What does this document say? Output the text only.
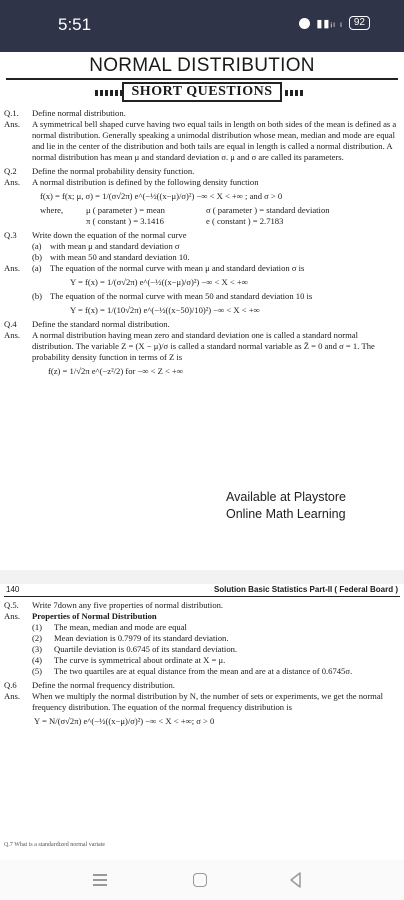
5:51	▮▮ᵢₗ ₗ	92
NORMAL DISTRIBUTION
SHORT QUESTIONS
Q.1.	Define normal distribution.
Ans.	A symmetrical bell shaped curve having two equal tails in length on both sides of the mean is defined as a normal distribution. Generally speaking a unimodal distribution whose mean, median and mode are equal and lie in the center of the distribution and both tails are equal in length is called a normal distribution. A normal distribution has mean μ and standard deviation σ. μ and σ are called its parameters.
Q.2	Define the normal probability density function.
Ans.	A normal distribution is defined by the following density function
f(x) = f(x; μ, σ) = 1/(σ√2π) e^(−½((x−μ)/σ)²) −∞ < X < +∞ ; and σ > 0
where,	μ ( parameter ) = mean	σ ( parameter ) = standard deviation
π ( constant ) = 3.1416	e ( constant ) = 2.7183
Q.3	Write down the equation of the normal curve
(a) with mean μ and standard deviation σ
(b) with mean 50 and standard deviation 10.
Ans.	(a) The equation of the normal curve with mean μ and standard deviation σ is
Y = f(x) = 1/(σ√2π) e^(−½((x−μ)/σ)²) −∞ < X < +∞
(b) The equation of the normal curve with mean 50 and standard deviation 10 is
Y = f(x) = 1/(10√2π) e^(−½((x−50)/10)²) −∞ < X < +∞
Q.4	Define the standard normal distribution.
Ans.	A normal distribution having mean zero and standard deviation one is called a standard normal distribution. The variable Z = (X − μ)/σ is called a standard normal variable as Z̄ = 0 and σ = 1. The probability density function in terms of Z is
f(z) = 1/√2π e^(−z²/2) for −∞ < Z < +∞
Available at Playstore
Online Math Learning
140	Solution Basic Statistics Part-II ( Federal Board )
Q.5.	Write 7down any five properties of normal distribution.
Ans.	Properties of Normal Distribution
(1)	The mean, median and mode are equal
(2)	Mean deviation is 0.7979 of its standard deviation.
(3)	Quartile deviation is 0.6745 of its standard deviation.
(4)	The curve is symmetrical about ordinate at X = μ.
(5)	The two quartiles are at equal distance from the mean and are at a distance of 0.6745σ.
Q.6	Define the normal frequency distribution.
Ans.	When we multiply the normal distribution by N, the number of sets or experiments, we get the normal frequency distribution. The equation of the normal frequency distribution is
Y = N/(σ√2π) e^(−½((x−μ)/σ)²) −∞ < X < +∞; σ > 0
Q.7 What is a standardized normal variate
